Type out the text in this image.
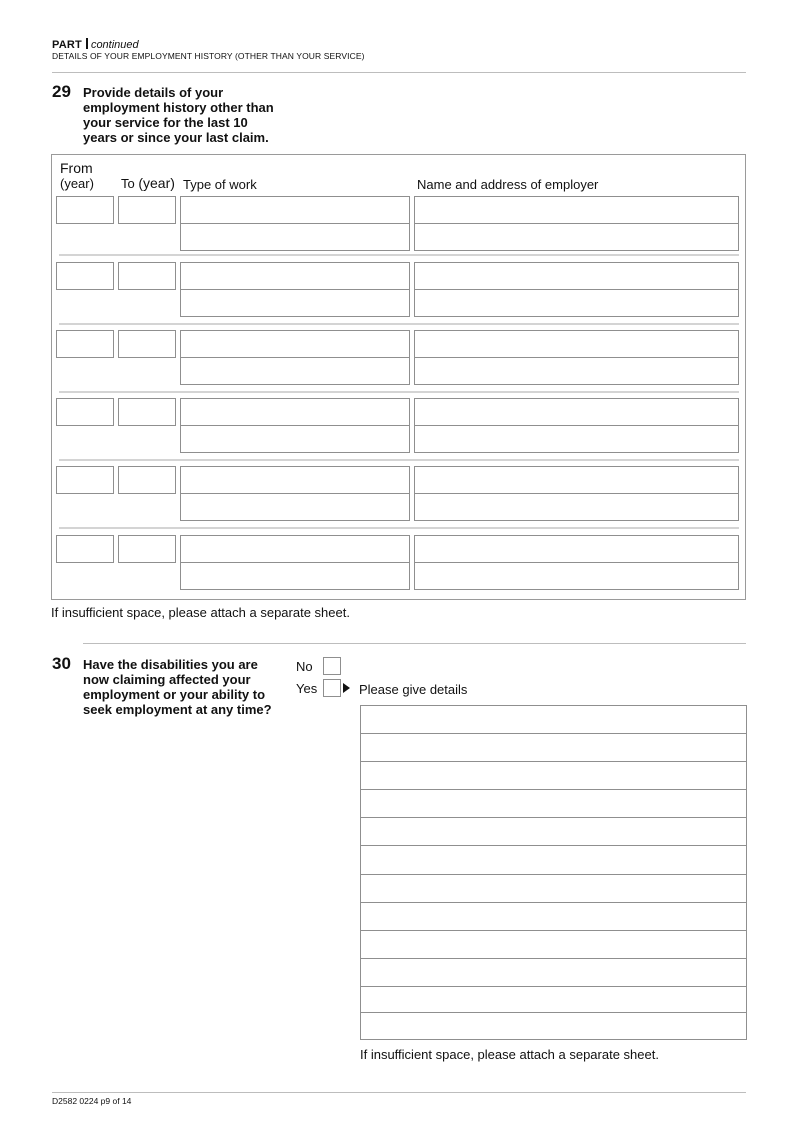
PART continued
DETAILS OF YOUR EMPLOYMENT HISTORY (OTHER THAN YOUR SERVICE)
29 Provide details of your employment history other than your service for the last 10 years or since your last claim.
From
(year) To (year) Type of work	Name and address of employer
If insufficient space, please attach a separate sheet.
30 Have the disabilities you are now claiming affected your employment or your ability to seek employment at any time?
No
Yes	Please give details
If insufficient space, please attach a separate sheet.
D2582 0224 p9 of 14
